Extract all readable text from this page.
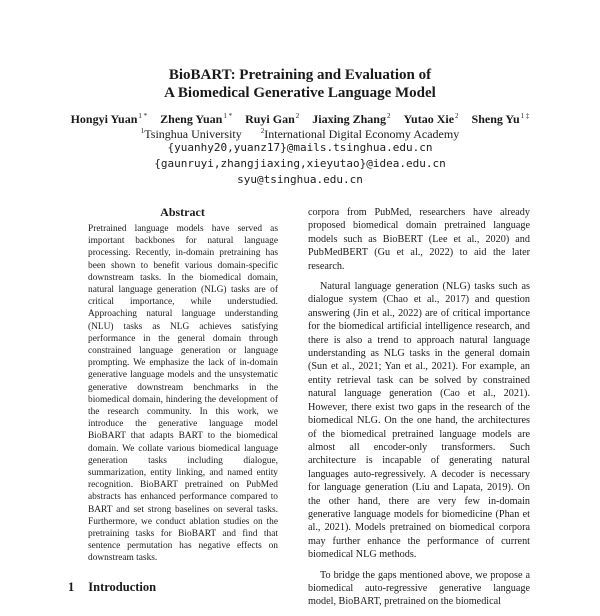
BioBART: Pretraining and Evaluation of
A Biomedical Generative Language Model
Hongyi Yuan$^{1 *}$ Zheng Yuan$^{1 *}$ Ruyi Gan$^2$ Jiaxing Zhang$^2$ Yutao Xie$^2$ Sheng $Yu^{1 \ddagger}$
$^1$Tsinghua University	$^2$International Digital Economy Academy
{yuanhy20,yuanz17}@mails.tsinghua.edu.cn
{gaunruyi,zhangjiaxing,xieyutao}@idea.edu.cn
syu@tsinghua.edu.cn
Abstract
Pretrained language models have served as important backbones for natural language processing. Recently, in-domain pretraining has been shown to benefit various domain-specific downstream tasks. In the biomedical domain, natural language generation (NLG) tasks are of critical importance, while understudied. Approaching natural language understanding (NLU) tasks as NLG achieves satisfying performance in the general domain through constrained language generation or language prompting. We emphasize the lack of in-domain generative language models and the unsystematic generative downstream benchmarks in the biomedical domain, hindering the development of the research community. In this work, we introduce the generative language model BioBART that adapts BART to the biomedical domain. We collate various biomedical language generation tasks including dialogue, summarization, entity linking, and named entity recognition. BioBART pretrained on PubMed abstracts has enhanced performance compared to BART and set strong baselines on several tasks. Furthermore, we conduct ablation studies on the pretraining tasks for BioBART and find that sentence permutation has negative effects on downstream tasks.
1 Introduction

corpora from PubMed, researchers have already proposed biomedical domain pretrained language models such as BioBERT (Lee et al., 2020) and PubMedBERT (Gu et al., 2022) to aid the later research.

Natural language generation (NLG) tasks such as dialogue system (Chao et al., 2017) and question answering (Jin et al., 2022) are of critical importance for the biomedical artificial intelligence research, and there is also a trend to approach natural language understanding as NLG tasks in the general domain (Sun et al., 2021; Yan et al., 2021). For example, an entity retrieval task can be solved by constrained natural language generation (Cao et al., 2021). However, there exist two gaps in the research of the biomedical NLG. On the one hand, the architectures of the biomedical pretrained language models are almost all encoder-only transformers. Such architecture is incapable of generating natural languages auto-regressively. A decoder is necessary for language generation (Liu and Lapata, 2019). On the other hand, there are very few in-domain generative language models for biomedicine (Phan et al., 2021). Models pretrained on biomedical corpora may further enhance the performance of current biomedical NLG methods.

To bridge the gaps mentioned above, we propose a biomedical auto-regressive generative language model, BioBART, pretrained on the biomedical
